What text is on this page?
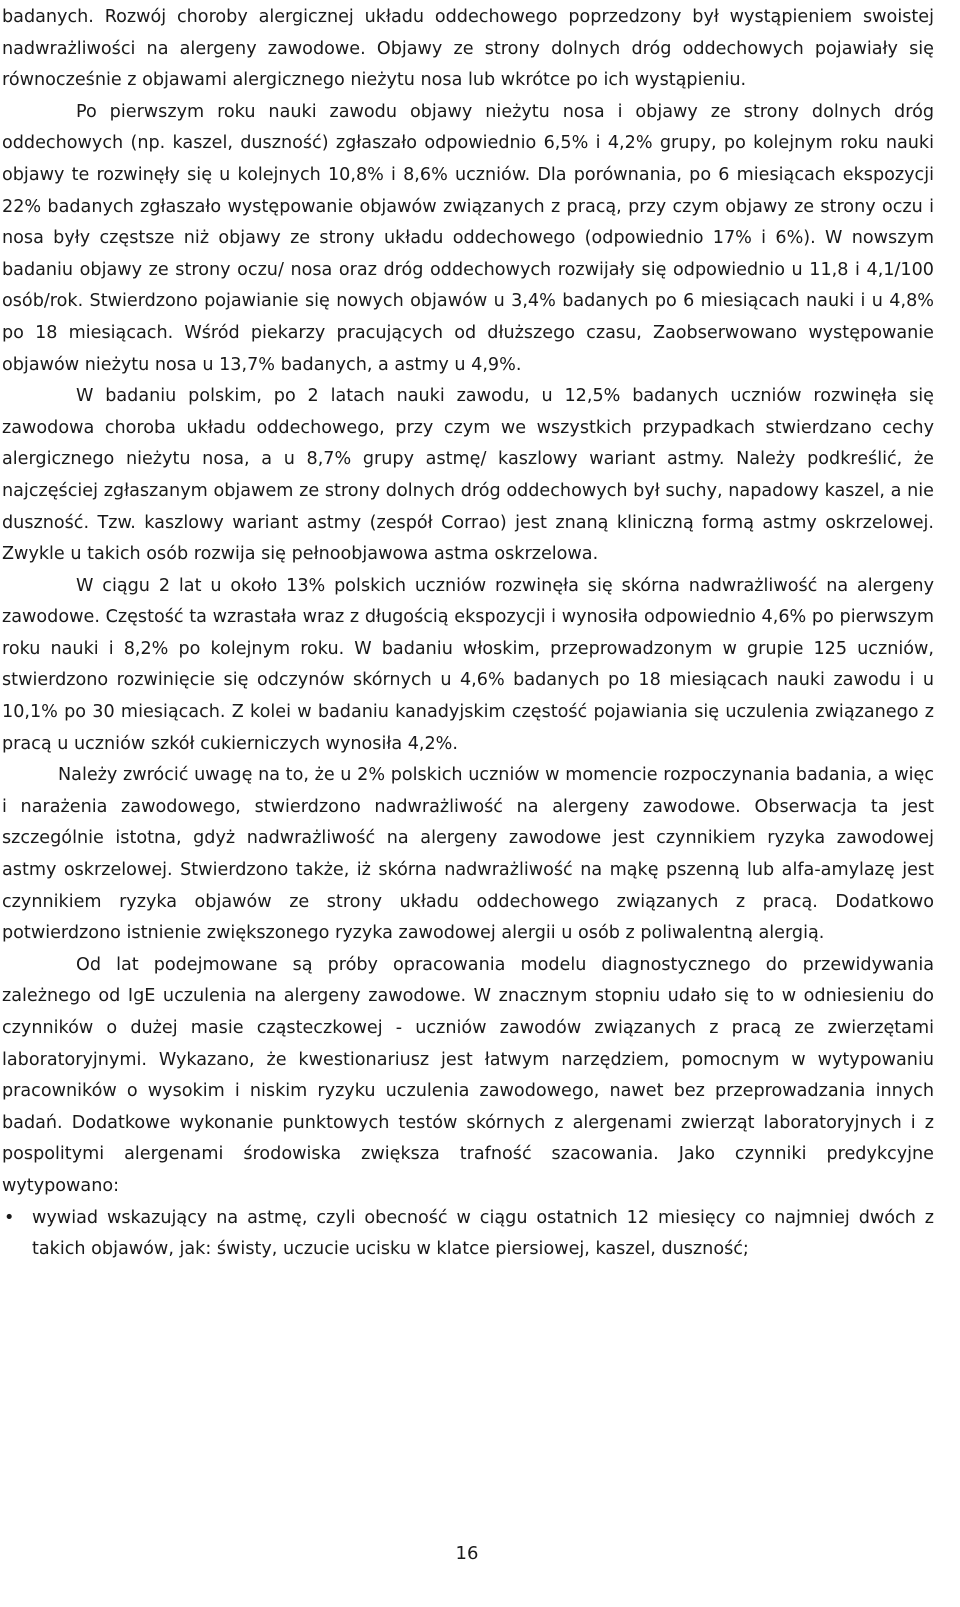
badanych. Rozwój choroby alergicznej układu oddechowego poprzedzony był wystąpieniem swoistej nadwrażliwości na alergeny zawodowe. Objawy ze strony dolnych dróg oddechowych pojawiały się równocześnie z objawami alergicznego nieżytu nosa lub wkrótce po ich wystąpieniu.

Po pierwszym roku nauki zawodu objawy nieżytu nosa i objawy ze strony dolnych dróg oddechowych (np. kaszel, duszność) zgłaszało odpowiednio 6,5% i 4,2% grupy, po kolejnym roku nauki objawy te rozwinęły się u kolejnych 10,8% i 8,6% uczniów. Dla porównania, po 6 miesiącach ekspozycji 22% badanych zgłaszało występowanie objawów związanych z pracą, przy czym objawy ze strony oczu i nosa były częstsze niż objawy ze strony układu oddechowego (odpowiednio 17% i 6%). W nowszym badaniu objawy ze strony oczu/ nosa oraz dróg oddechowych rozwijały się odpowiednio u 11,8 i 4,1/100 osób/rok. Stwierdzono pojawianie się nowych objawów u 3,4% badanych po 6 miesiącach nauki i u 4,8% po 18 miesiącach. Wśród piekarzy pracujących od dłuższego czasu, Zaobserwowano występowanie objawów nieżytu nosa u 13,7% badanych, a astmy u 4,9%.

W badaniu polskim, po 2 latach nauki zawodu, u 12,5% badanych uczniów rozwinęła się zawodowa choroba układu oddechowego, przy czym we wszystkich przypadkach stwierdzano cechy alergicznego nieżytu nosa, a u 8,7% grupy astmę/ kaszlowy wariant astmy. Należy podkreślić, że najczęściej zgłaszanym objawem ze strony dolnych dróg oddechowych był suchy, napadowy kaszel, a nie duszność. Tzw. kaszlowy wariant astmy (zespół Corrao) jest znaną kliniczną formą astmy oskrzelowej. Zwykle u takich osób rozwija się pełnoobjawowa astma oskrzelowa.

W ciągu 2 lat u około 13% polskich uczniów rozwinęła się skórna nadwrażliwość na alergeny zawodowe. Częstość ta wzrastała wraz z długością ekspozycji i wynosiła odpowiednio 4,6% po pierwszym roku nauki i 8,2% po kolejnym roku. W badaniu włoskim, przeprowadzonym w grupie 125 uczniów, stwierdzono rozwinięcie się odczynów skórnych u 4,6% badanych po 18 miesiącach nauki zawodu i u 10,1% po 30 miesiącach. Z kolei w badaniu kanadyjskim częstość pojawiania się uczulenia związanego z pracą u uczniów szkół cukierniczych wynosiła 4,2%.

Należy zwrócić uwagę na to, że u 2% polskich uczniów w momencie rozpoczynania badania, a więc i narażenia zawodowego, stwierdzono nadwrażliwość na alergeny zawodowe. Obserwacja ta jest szczególnie istotna, gdyż nadwrażliwość na alergeny zawodowe jest czynnikiem ryzyka zawodowej astmy oskrzelowej. Stwierdzono także, iż skórna nadwrażliwość na mąkę pszenną lub alfa-amylazę jest czynnikiem ryzyka objawów ze strony układu oddechowego związanych z pracą. Dodatkowo potwierdzono istnienie zwiększonego ryzyka zawodowej alergii u osób z poliwalentną alergią.

Od lat podejmowane są próby opracowania modelu diagnostycznego do przewidywania zależnego od IgE uczulenia na alergeny zawodowe. W znacznym stopniu udało się to w odniesieniu do czynników o dużej masie cząsteczkowej - uczniów zawodów związanych z pracą ze zwierzętami laboratoryjnymi. Wykazano, że kwestionariusz jest łatwym narzędziem, pomocnym w wytypowaniu pracowników o wysokim i niskim ryzyku uczulenia zawodowego, nawet bez przeprowadzania innych badań. Dodatkowe wykonanie punktowych testów skórnych z alergenami zwierząt laboratoryjnych i z pospolitymi alergenami środowiska zwiększa trafność szacowania. Jako czynniki predykcyjne wytypowano:

• wywiad wskazujący na astmę, czyli obecność w ciągu ostatnich 12 miesięcy co najmniej dwóch z takich objawów, jak: świsty, uczucie ucisku w klatce piersiowej, kaszel, duszność;
16
